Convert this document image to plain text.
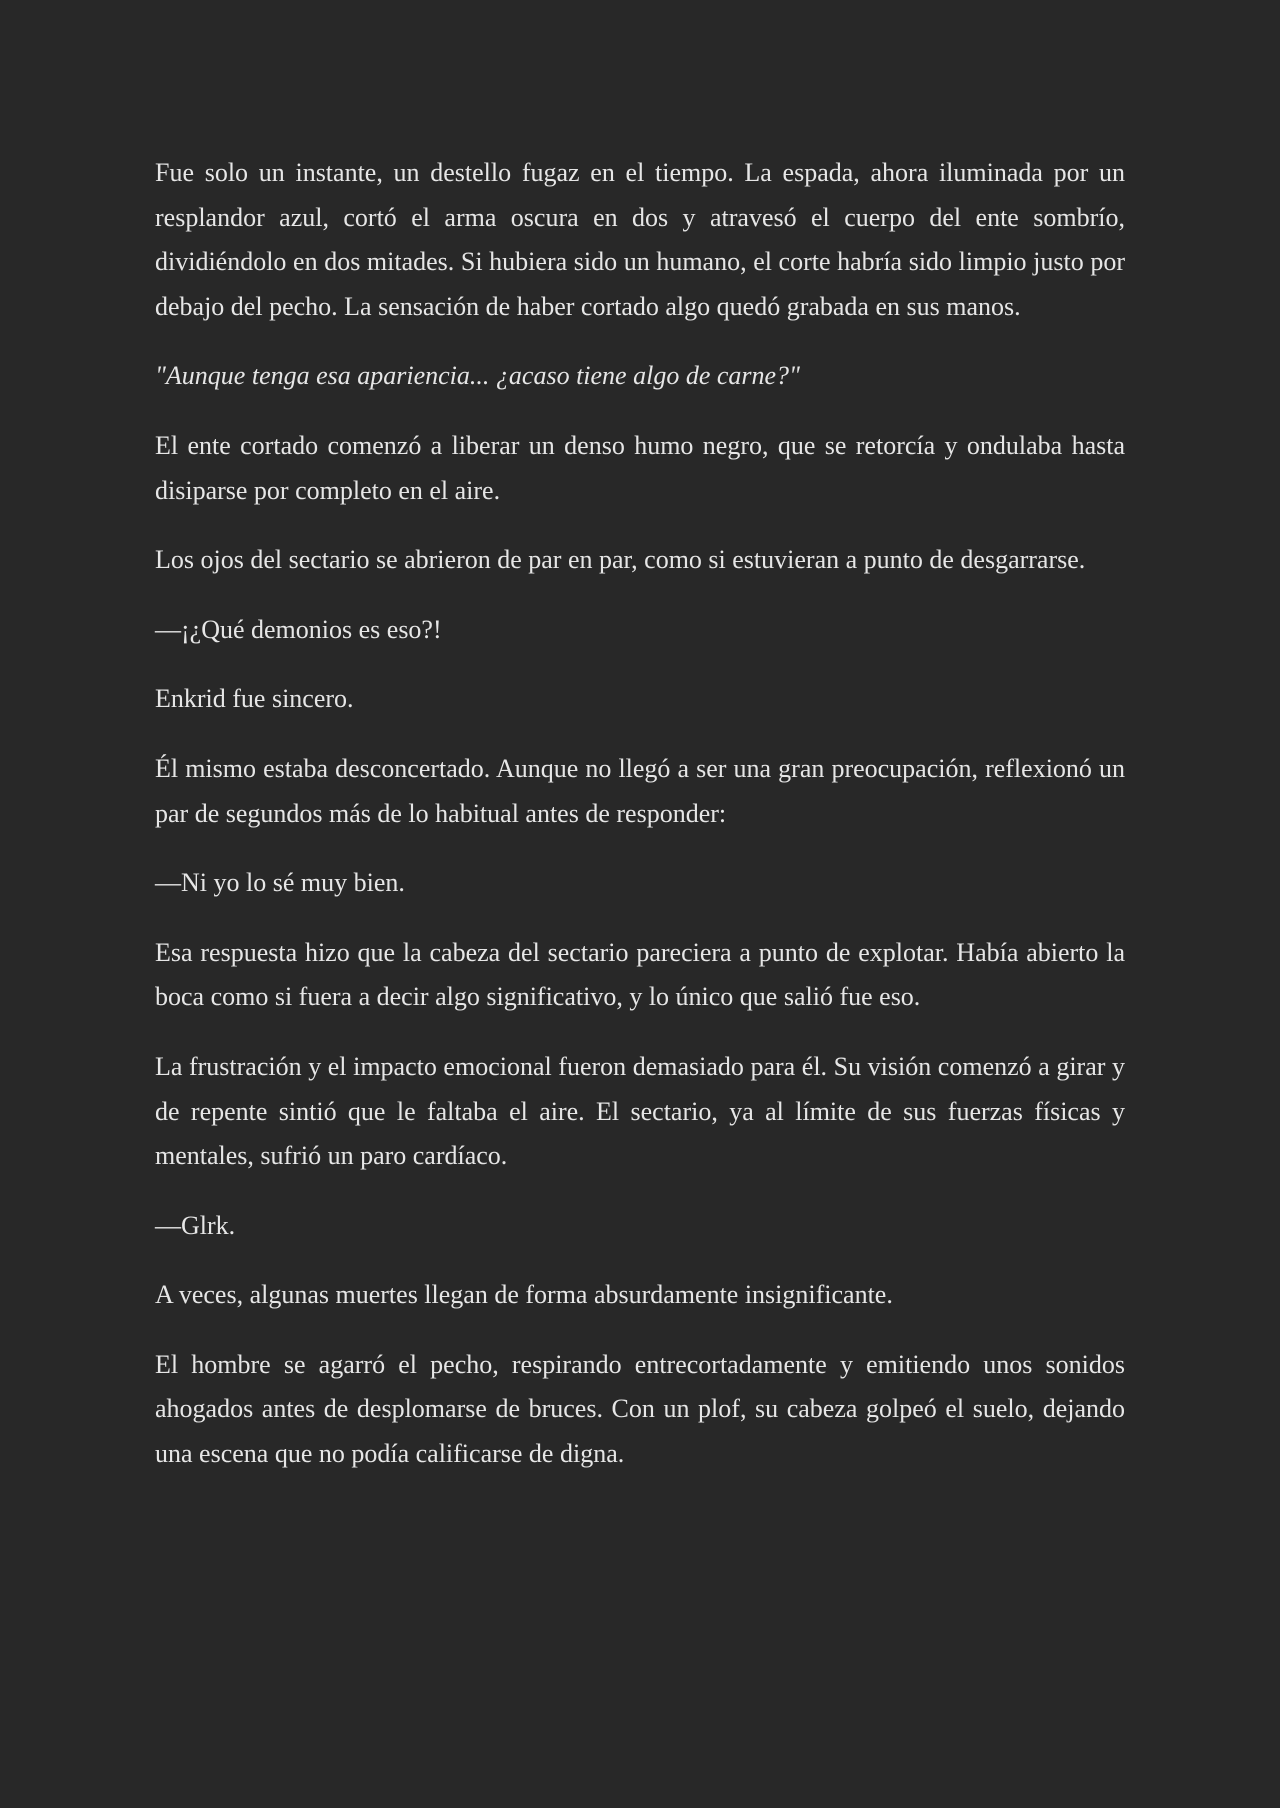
Fue solo un instante, un destello fugaz en el tiempo. La espada, ahora iluminada por un resplandor azul, cortó el arma oscura en dos y atravesó el cuerpo del ente sombrío, dividiéndolo en dos mitades. Si hubiera sido un humano, el corte habría sido limpio justo por debajo del pecho. La sensación de haber cortado algo quedó grabada en sus manos.

"Aunque tenga esa apariencia... ¿acaso tiene algo de carne?"

El ente cortado comenzó a liberar un denso humo negro, que se retorcía y ondulaba hasta disiparse por completo en el aire.

Los ojos del sectario se abrieron de par en par, como si estuvieran a punto de desgarrarse.

—¡¿Qué demonios es eso?!

Enkrid fue sincero.

Él mismo estaba desconcertado. Aunque no llegó a ser una gran preocupación, reflexionó un par de segundos más de lo habitual antes de responder:

—Ni yo lo sé muy bien.

Esa respuesta hizo que la cabeza del sectario pareciera a punto de explotar. Había abierto la boca como si fuera a decir algo significativo, y lo único que salió fue eso.

La frustración y el impacto emocional fueron demasiado para él. Su visión comenzó a girar y de repente sintió que le faltaba el aire. El sectario, ya al límite de sus fuerzas físicas y mentales, sufrió un paro cardíaco.

—Glrk.

A veces, algunas muertes llegan de forma absurdamente insignificante.

El hombre se agarró el pecho, respirando entrecortadamente y emitiendo unos sonidos ahogados antes de desplomarse de bruces. Con un plof, su cabeza golpeó el suelo, dejando una escena que no podía calificarse de digna.
